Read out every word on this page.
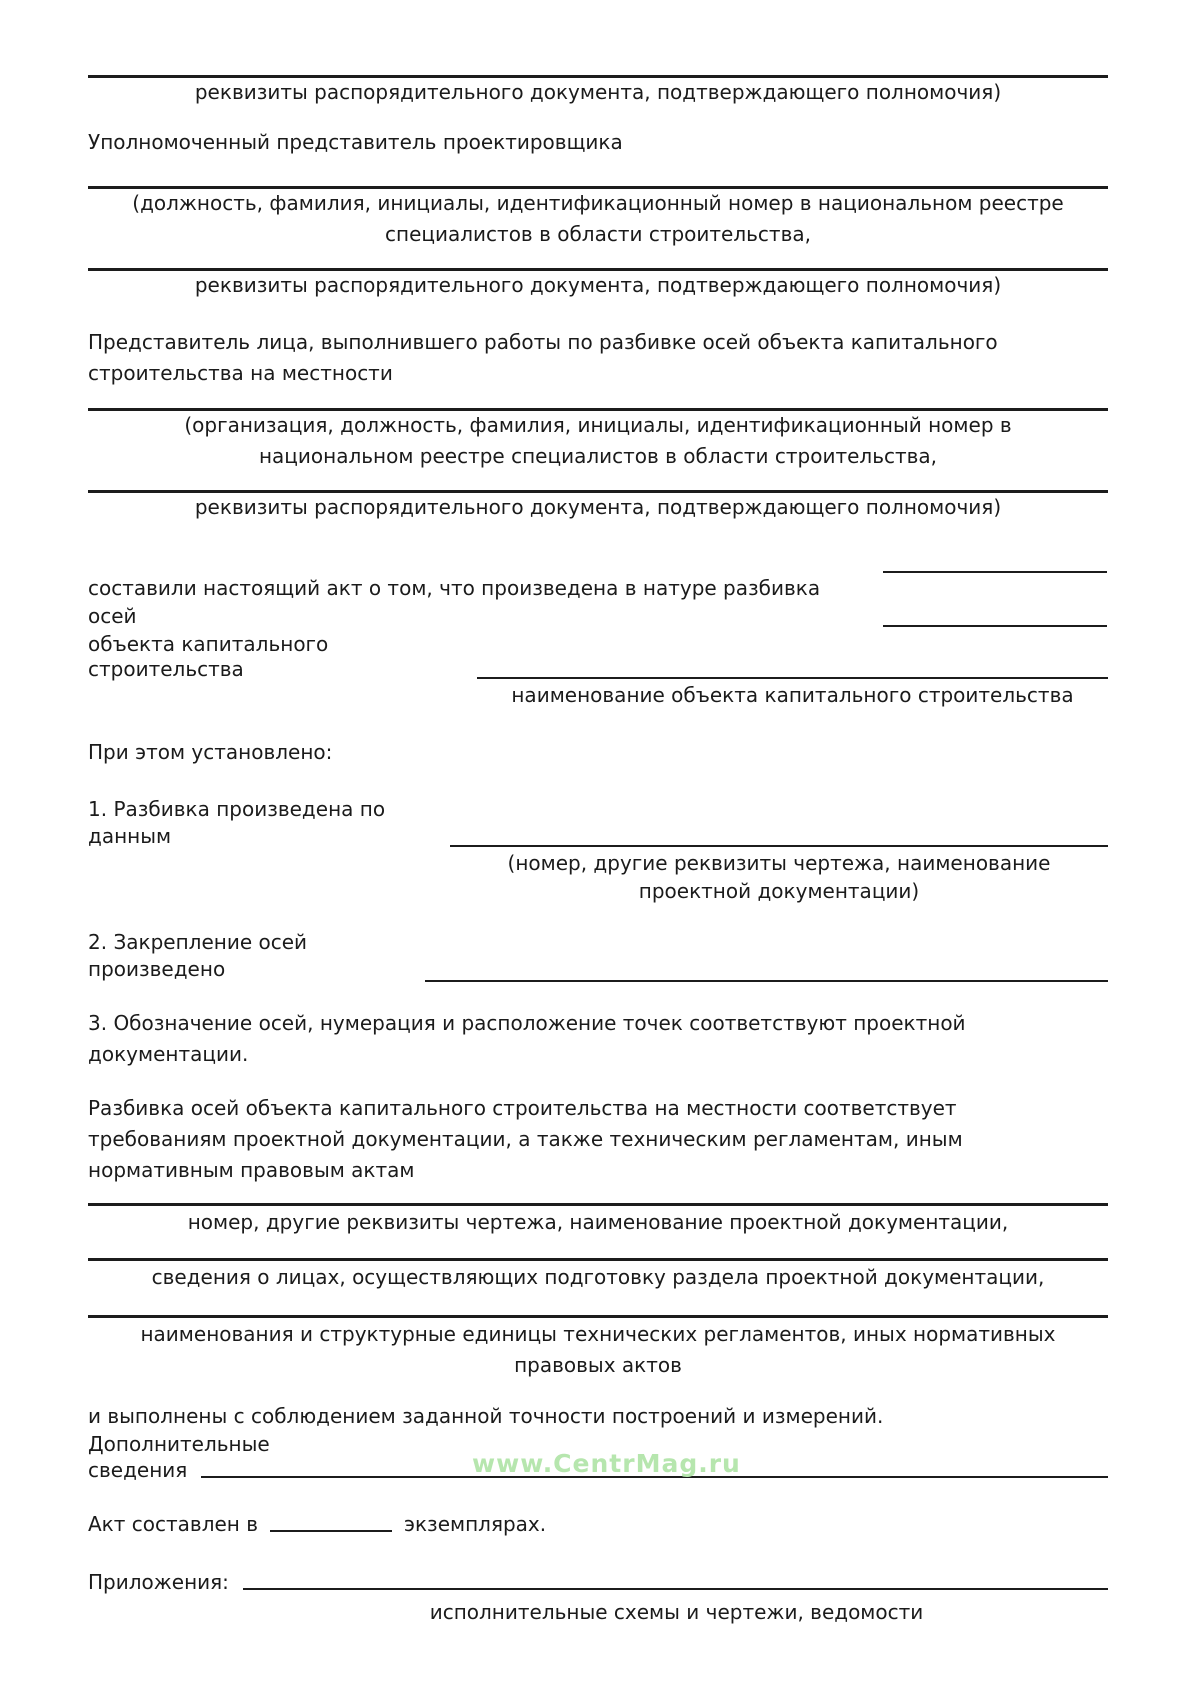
реквизиты распорядительного документа, подтверждающего полномочия)
Уполномоченный представитель проектировщика
(должность, фамилия, инициалы, идентификационный номер в национальном реестре
специалистов в области строительства,
реквизиты распорядительного документа, подтверждающего полномочия)
Представитель лица, выполнившего работы по разбивке осей объекта капитального
строительства на местности
(организация, должность, фамилия, инициалы, идентификационный номер в
национальном реестре специалистов в области строительства,
реквизиты распорядительного документа, подтверждающего полномочия)
составили настоящий акт о том, что произведена в натуре разбивка
осей
объекта капитального
строительства
наименование объекта капитального строительства
При этом установлено:
1. Разбивка произведена по
данным
(номер, другие реквизиты чертежа, наименование
проектной документации)
2. Закрепление осей
произведено
3. Обозначение осей, нумерация и расположение точек соответствуют проектной
документации.
Разбивка осей объекта капитального строительства на местности соответствует
требованиям проектной документации, а также техническим регламентам, иным
нормативным правовым актам
номер, другие реквизиты чертежа, наименование проектной документации,
сведения о лицах, осуществляющих подготовку раздела проектной документации,
наименования и структурные единицы технических регламентов, иных нормативных
правовых актов
и выполнены с соблюдением заданной точности построений и измерений.
Дополнительные
сведения	www.CentrMag.ru
Акт составлен в	экземплярах.
Приложения:
исполнительные схемы и чертежи, ведомости
